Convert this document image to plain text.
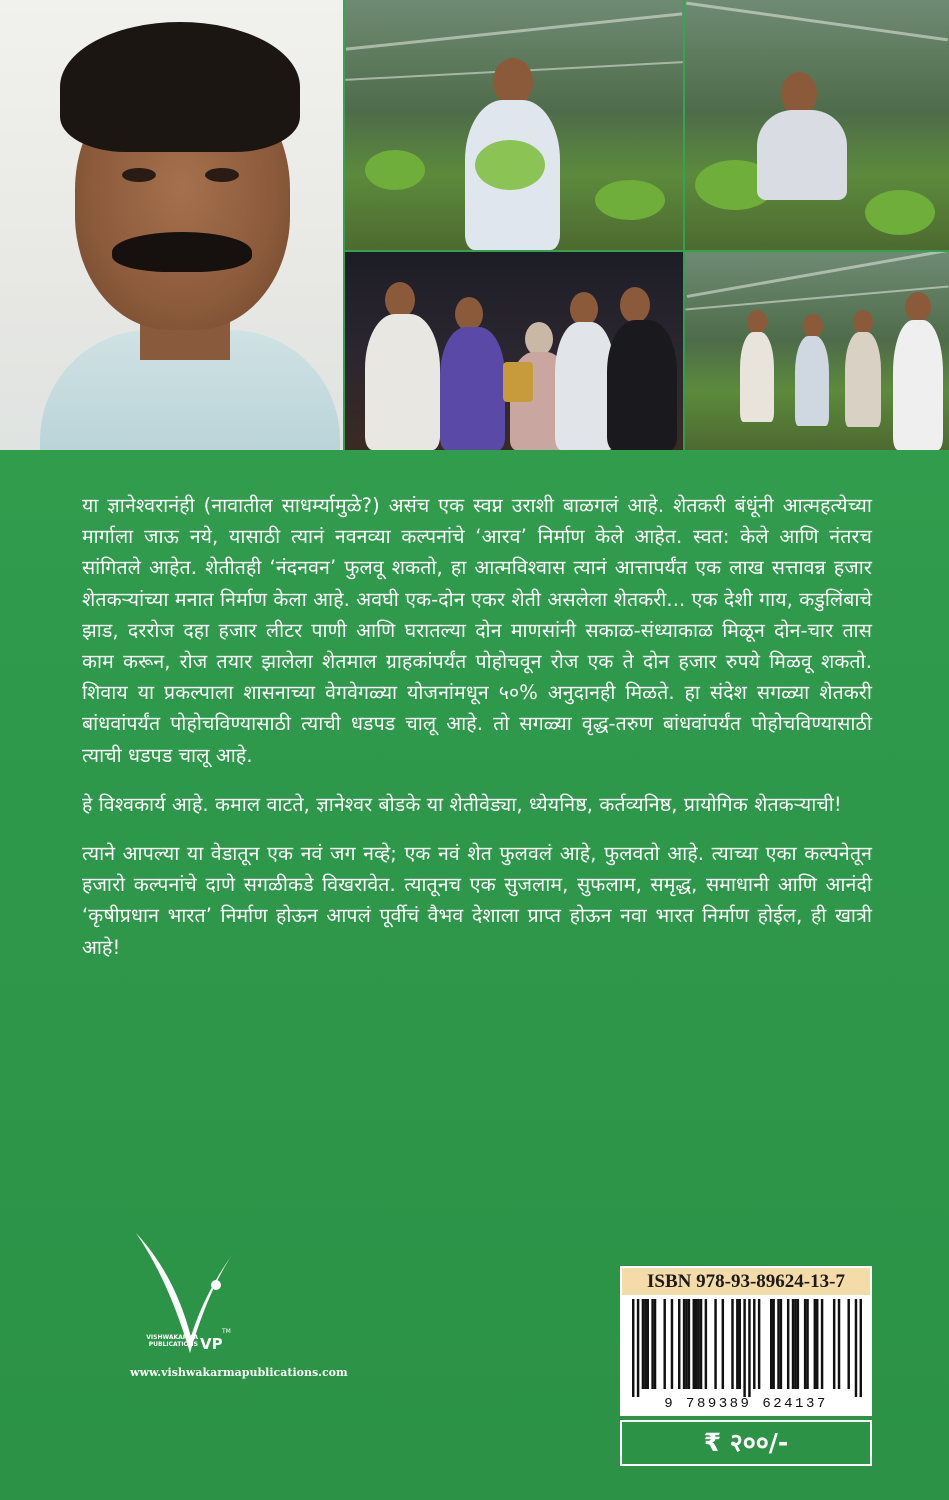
या ज्ञानेश्वरानंही (नावातील साधर्म्यामुळे?) असंच एक स्वप्न उराशी बाळगलं आहे. शेतकरी बंधूंनी आत्महत्येच्या मार्गाला जाऊ नये, यासाठी त्यानं नवनव्या कल्पनांचे ‘आरव’ निर्माण केले आहेत. स्वत: केले आणि नंतरच सांगितले आहेत. शेतीतही ‘नंदनवन’ फुलवू शकतो, हा आत्मविश्वास त्यानं आत्तापर्यंत एक लाख सत्तावन्न हजार शेतकऱ्यांच्या मनात निर्माण केला आहे. अवघी एक-दोन एकर शेती असलेला शेतकरी... एक देशी गाय, कडुलिंबाचे झाड, दररोज दहा हजार लीटर पाणी आणि घरातल्या दोन माणसांनी सकाळ-संध्याकाळ मिळून दोन-चार तास काम करून, रोज तयार झालेला शेतमाल ग्राहकांपर्यंत पोहोचवून रोज एक ते दोन हजार रुपये मिळवू शकतो. शिवाय या प्रकल्पाला शासनाच्या वेगवेगळ्या योजनांमधून ५०% अनुदानही मिळते. हा संदेश सगळ्या शेतकरी बांधवांपर्यंत पोहोचविण्यासाठी त्याची धडपड चालू आहे. तो सगळ्या वृद्ध-तरुण बांधवांपर्यंत पोहोचविण्यासाठी त्याची धडपड चालू आहे.

हे विश्वकार्य आहे. कमाल वाटते, ज्ञानेश्वर बोडके या शेतीवेड्या, ध्येयनिष्ठ, कर्तव्यनिष्ठ, प्रायोगिक शेतकऱ्याची!

त्याने आपल्या या वेडातून एक नवं जग नव्हे; एक नवं शेत फुलवलं आहे, फुलवतो आहे. त्याच्या एका कल्पनेतून हजारो कल्पनांचे दाणे सगळीकडे विखरावेत. त्यातूनच एक सुजलाम, सुफलाम, समृद्ध, समाधानी आणि आनंदी ‘कृषीप्रधान भारत’ निर्माण होऊन आपलं पूर्वीचं वैभव देशाला प्राप्त होऊन नवा भारत निर्माण होईल, ही खात्री आहे!

VISHWAKARMA
PUBLICATIONS VP
TM
www.vishwakarmapublications.com
ISBN 978-93-89624-13-7
9 789389 624137
₹ २००/-
